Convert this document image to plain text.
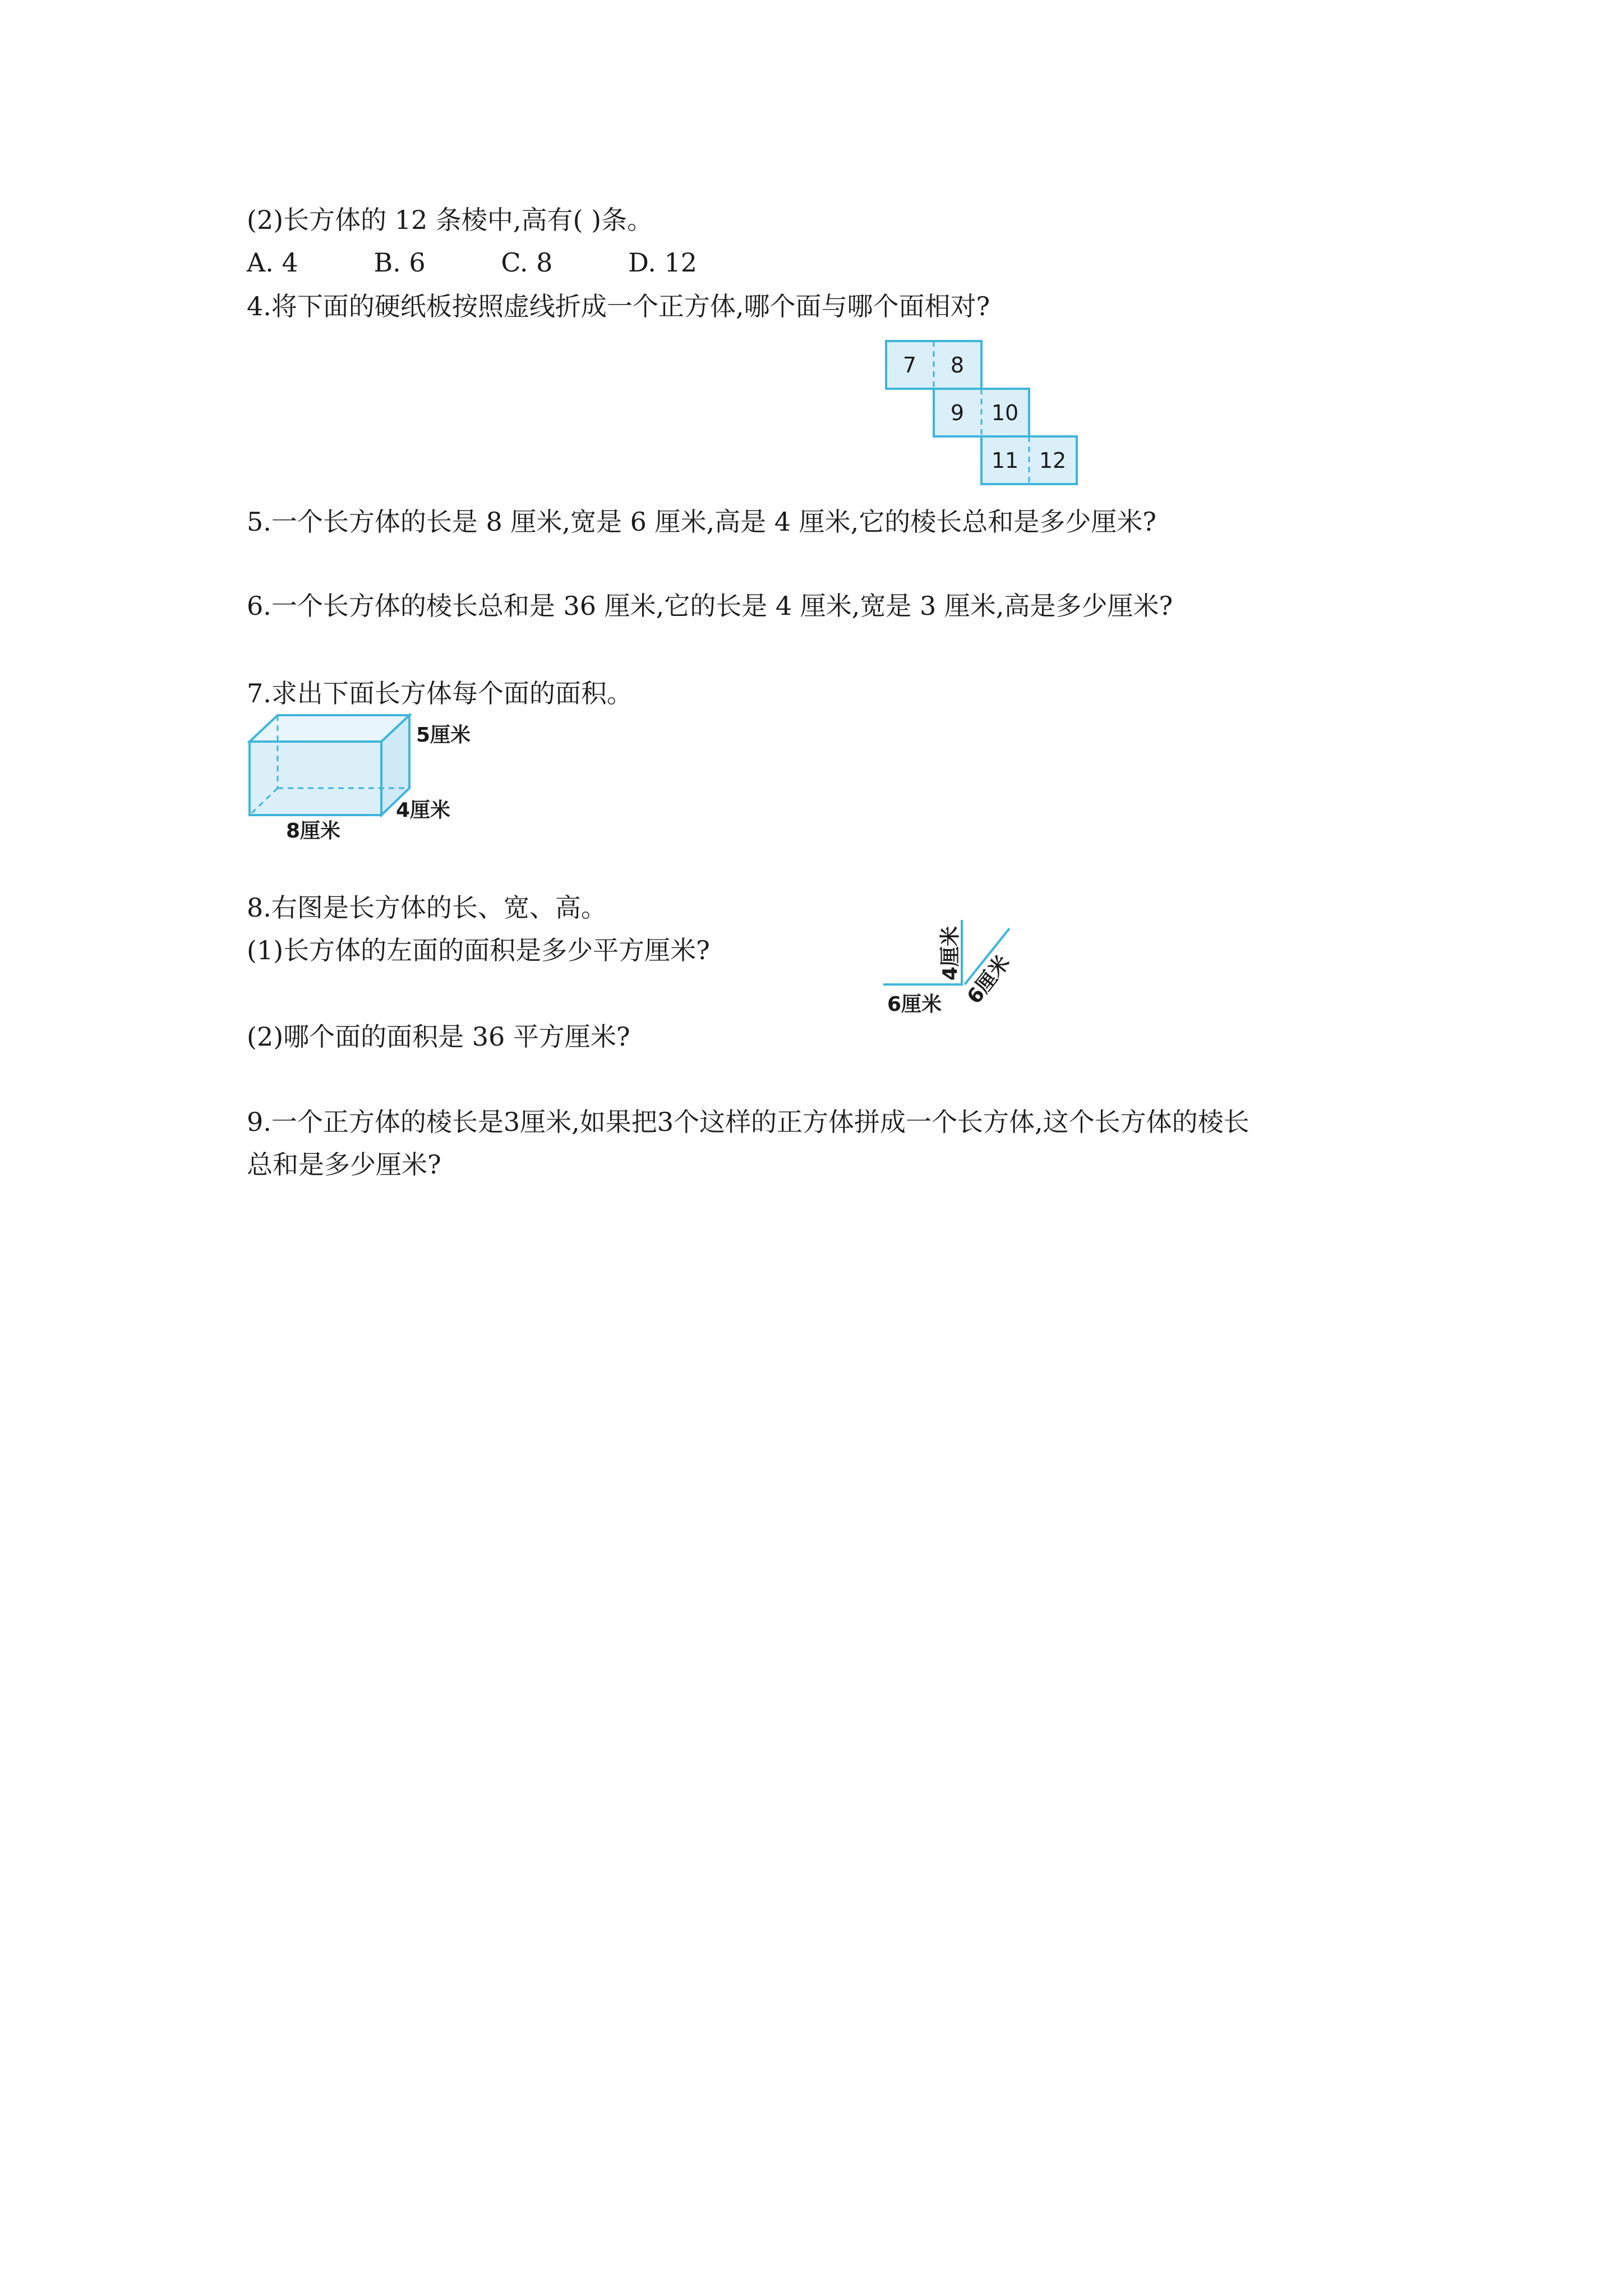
(2)长方体的 12 条棱中,高有( )条。
A. 4	B. 6	C. 8	D. 12
4.将下面的硬纸板按照虚线折成一个正方体,哪个面与哪个面相对?
7 8
9 10
11 12
5.一个长方体的长是 8 厘米,宽是 6 厘米,高是 4 厘米,它的棱长总和是多少厘米?
6.一个长方体的棱长总和是 36 厘米,它的长是 4 厘米,宽是 3 厘米,高是多少厘米?
7.求出下面长方体每个面的面积。
5厘米
4厘米
8厘米
8.右图是长方体的长、宽、高。
(1)长方体的左面的面积是多少平方厘米?
6厘米
4厘米 6厘米
(2)哪个面的面积是 36 平方厘米?
9.一个正方体的棱长是3厘米,如果把3个这样的正方体拼成一个长方体,这个长方体的棱长
总和是多少厘米?
